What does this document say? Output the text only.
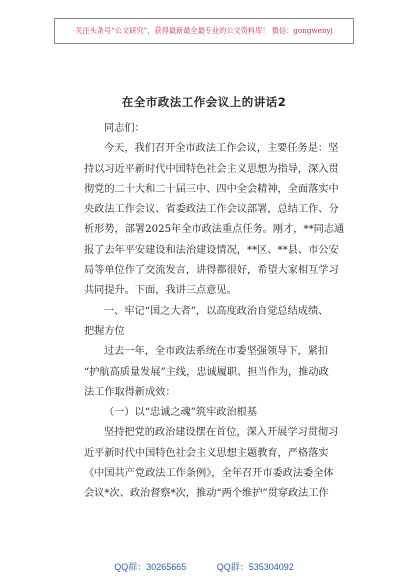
关注头条号“公文研究”，获得最新最全最专业的公文资料库！ 微信：gongwenyj
在全市政法工作会议上的讲话2
同志们：
今天，我们召开全市政法工作会议，主要任务是：坚
持以习近平新时代中国特色社会主义思想为指导，深入贯
彻党的二十大和二十届三中、四中全会精神，全面落实中
央政法工作会议、省委政法工作会议部署，总结工作、分
析形势，部署2025年全市政法重点任务。刚才，**同志通
报了去年平安建设和法治建设情况，**区、**县、市公安
局等单位作了交流发言，讲得都很好，希望大家相互学习
共同提升。下面，我讲三点意见。
一、牢记“国之大者”，以高度政治自觉总结成绩、
把握方位
过去一年，全市政法系统在市委坚强领导下，紧扣
“护航高质量发展”主线，忠诚履职、担当作为，推动政
法工作取得新成效：
（一）以“忠诚之魂”筑牢政治根基
坚持把党的政治建设摆在首位，深入开展学习贯彻习
近平新时代中国特色社会主义思想主题教育，严格落实
《中国共产党政法工作条例》，全年召开市委政法委全体
会议*次、政治督察*次，推动“两个维护”贯穿政法工作
QQ群：30265665	QQ群：535304092
